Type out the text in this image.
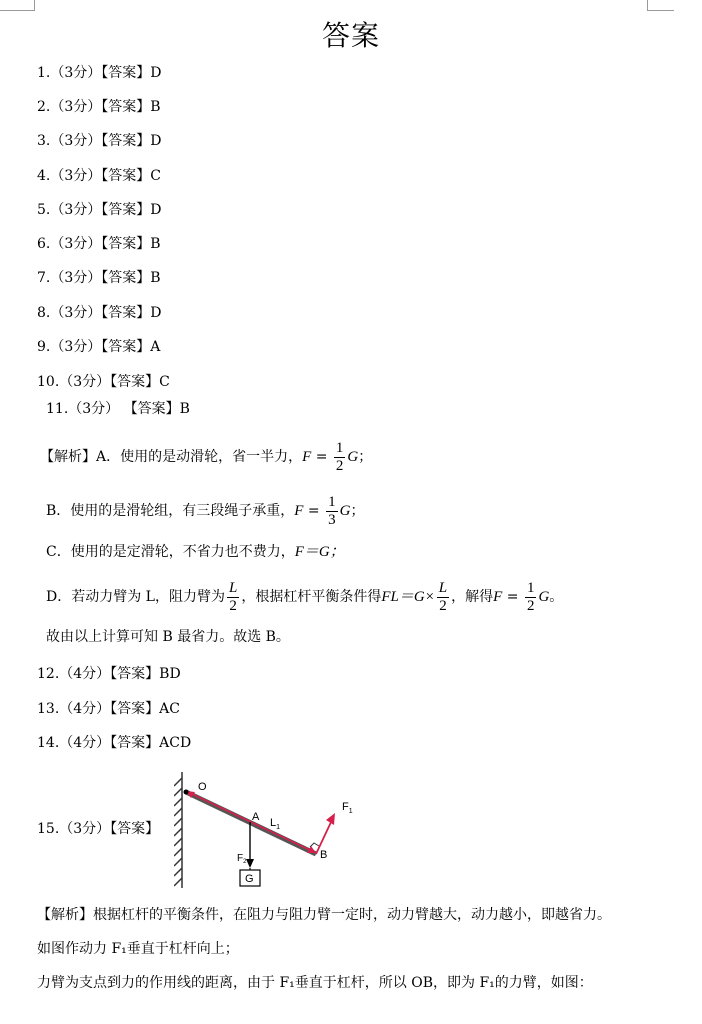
答案
1.（3分）【答案】D
2.（3分）【答案】B
3.（3分）【答案】D
4.（3分）【答案】C
5.（3分）【答案】D
6.（3分）【答案】B
7.（3分）【答案】B
8.（3分）【答案】D
9.（3分）【答案】A
10.（3分）【答案】C
11.（3分） 【答案】B
【解析】A．使用的是动滑轮，省一半力，$F = \frac{1}{2}$ G；
B．使用的是滑轮组，有三段绳子承重，$F = \frac{1}{3}$ G；
C．使用的是定滑轮，不省力也不费力，F＝G；
D．若动力臂为 L，阻力臂为 $\frac{L}{2}$ ，根据杠杆平衡条件得$FL=G\times \frac{L}{2}$ ，解得$F = \frac{1}{2}$ G。
故由以上计算可知 B 最省力。故选 B。
12.（4分）【答案】BD
13.（4分）【答案】AC
14.（4分）【答案】ACD
15.（3分）【答案】
O
A $L_1$
B
$F_1$
$F_2$
G
【解析】根据杠杆的平衡条件，在阻力与阻力臂一定时，动力臂越大，动力越小，即越省力。
如图作动力 F₁垂直于杠杆向上；
力臂为支点到力的作用线的距离，由于 F₁垂直于杠杆，所以 OB，即为 F₁的力臂，如图：
